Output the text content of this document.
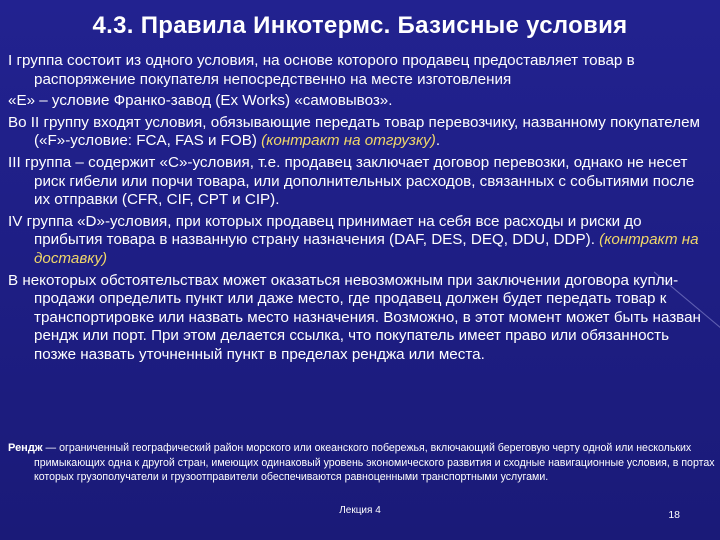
4.3. Правила Инкотермс. Базисные условия
I группа состоит из одного условия, на основе которого продавец предоставляет товар в распоряжение покупателя непосредственно на месте изготовления
«E» – условие Франко-завод (Ex Works) «самовывоз».
Во II группу входят условия, обязывающие передать товар перевозчику, названному покупателем («F»-условие: FCA, FAS и FOB) (контракт на отгрузку).
III группа – содержит «C»-условия, т.е. продавец заключает договор перевозки, однако не несет риск гибели или порчи товара, или дополнительных расходов, связанных с событиями после их отправки (CFR, CIF, CPT и CIP).
IV группа «D»-условия, при которых продавец принимает на себя все расходы и риски до прибытия товара в названную страну назначения (DAF, DES, DEQ, DDU, DDP). (контракт на доставку)
В некоторых обстоятельствах может оказаться невозможным при заключении договора купли-продажи определить пункт или даже место, где продавец должен будет передать товар к транспортировке или назвать место назначения. Возможно, в этот момент может быть назван рендж или порт. При этом делается ссылка, что покупатель имеет право или обязанность позже назвать уточненный пункт в пределах ренджа или места.
Рендж — ограниченный географический район морского или океанского побережья, включающий береговую черту одной или нескольких примыкающих одна к другой стран, имеющих одинаковый уровень экономического развития и сходные навигационные условия, в портах которых грузополучатели и грузоотправители обеспечиваются равноценными транспортными услугами.
Лекция 4	18
